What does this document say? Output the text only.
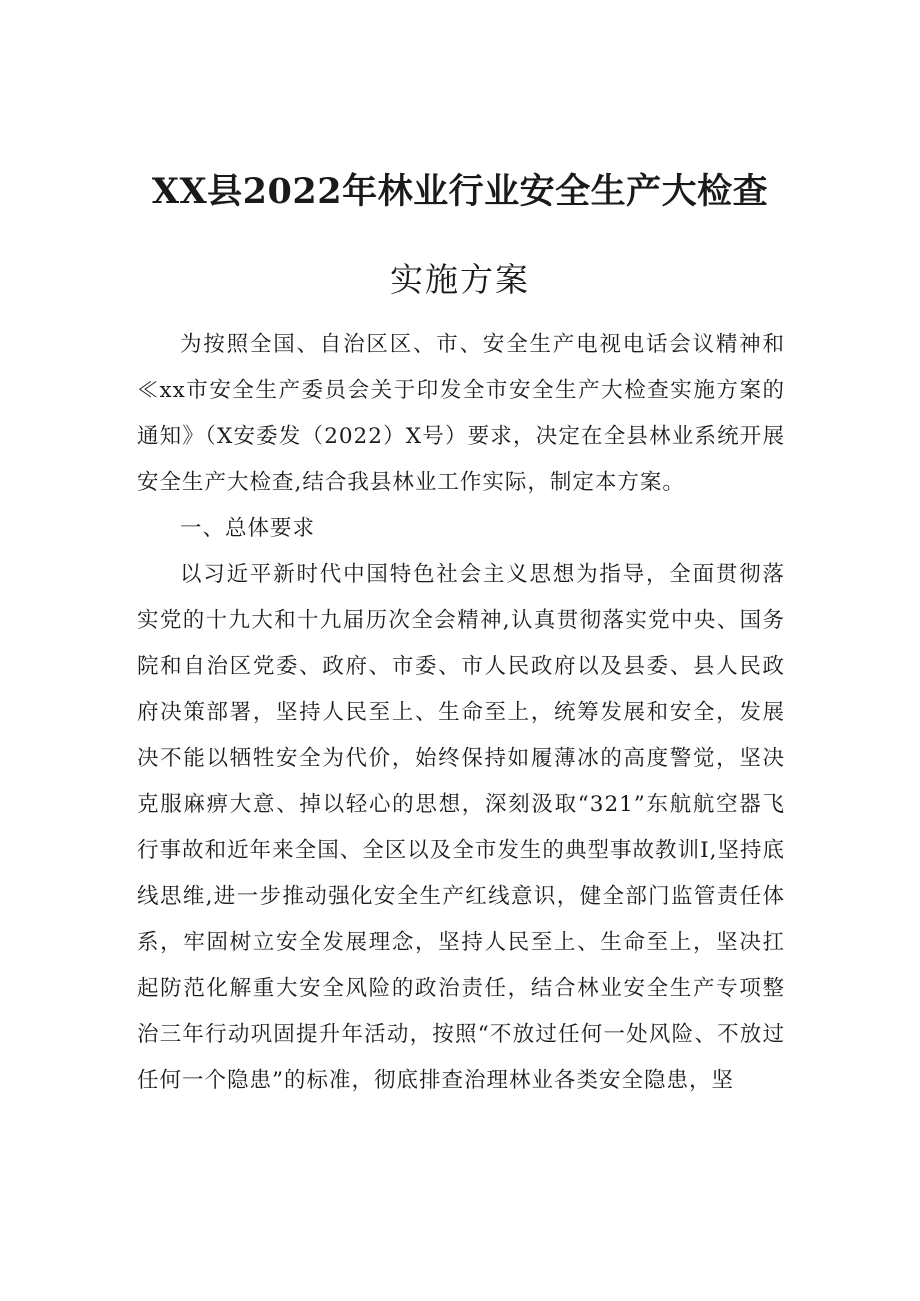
XX县2022年林业行业安全生产大检查
实施方案

为按照全国、自治区区、市、安全生产电视电话会议精神和≪xx市安全生产委员会关于印发全市安全生产大检查实施方案的通知》（X安委发（2022）X号）要求，决定在全县林业系统开展安全生产大检查,结合我县林业工作实际，制定本方案。

一、总体要求

以习近平新时代中国特色社会主义思想为指导，全面贯彻落实党的十九大和十九届历次全会精神,认真贯彻落实党中央、国务院和自治区党委、政府、市委、市人民政府以及县委、县人民政府决策部署，坚持人民至上、生命至上，统筹发展和安全，发展决不能以牺牲安全为代价，始终保持如履薄冰的高度警觉，坚决克服麻痹大意、掉以轻心的思想，深刻汲取“321”东航航空器飞行事故和近年来全国、全区以及全市发生的典型事故教训I,坚持底线思维,进一步推动强化安全生产红线意识，健全部门监管责任体系，牢固树立安全发展理念，坚持人民至上、生命至上，坚决扛起防范化解重大安全风险的政治责任，结合林业安全生产专项整治三年行动巩固提升年活动，按照“不放过任何一处风险、不放过任何一个隐患”的标准，彻底排查治理林业各类安全隐患，坚
